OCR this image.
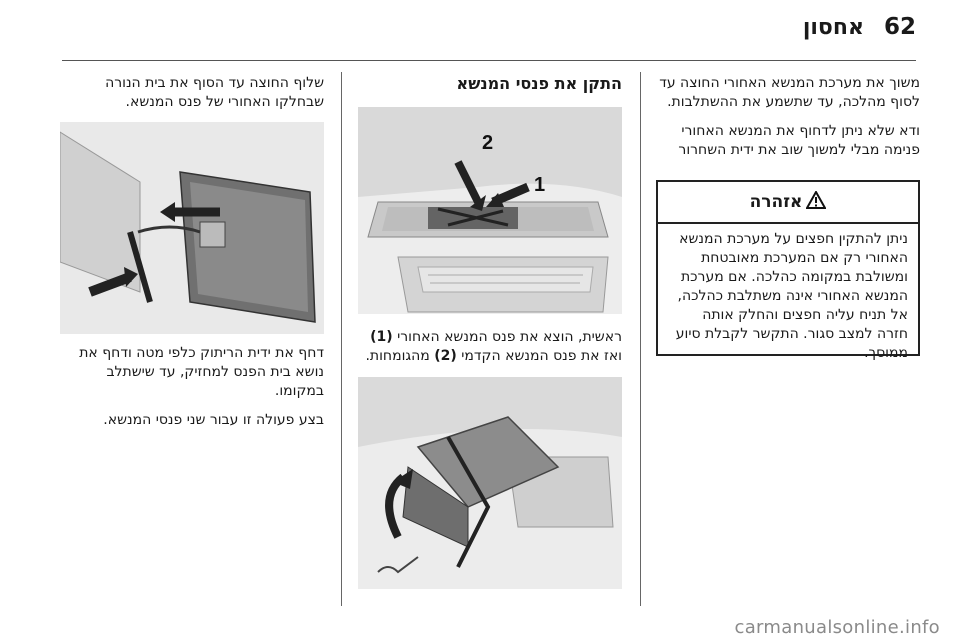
62
אחסון

משוך את מערכת המנשא האחורי החוצה עד לסוף מהלכה, עד שתשמע את ההשתלבות.

ודא שלא ניתן לדחוף את המנשא האחורי פנימה מבלי למשוך שוב את ידית השחרור

אזהרה
ניתן להתקין חפצים על מערכת המנשא האחורי רק אם המערכת מאובטחת ומשולבת במקומה כהלכה. אם מערכת המנשא האחורי אינה משתלבת כהלכה, אל תניח עליה חפצים והחלק אותה חזרה למצב סגור. התקשר לקבלת סיוע ממוסך.

התקן את פנסי המנשא

2
1

ראשית, הוצא את פנס המנשא האחורי (1) ואז את פנס המנשא הקדמי (2) מהגומחות.

שלוף החוצה עד הסוף את בית הנורה שבחלקו האחורי של פנס המנשא.

דחף את ידית הריתוק כלפי מטה ודחף את נושא בית הפנס למחזיק, עד שישתלב במקומו.

בצע פעולה זו עבור שני פנסי המנשא.

carmanualsonline.info
